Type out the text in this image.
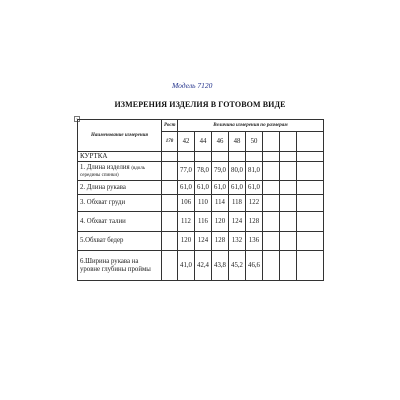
Модель 7120
ИЗМЕРЕНИЯ ИЗДЕЛИЯ В ГОТОВОМ ВИДЕ
+
Наименование измерения	Рост	Величина измерения по размерам							
	170	42	44	46	48	50			
КУРТКА									
1. Длина изделия (вдоль середины спинки)		77,0	78,0	79,0	80,0	81,0			
2. Длина рукава		61,0	61,0	61,0	61,0	61,0			
3. Обхват груди		106	110	114	118	122			
4. Обхват талии		112	116	120	124	128			
5.Обхват бедер		120	124	128	132	136			
6.Ширина рукава на уровне глубины проймы		41,0	42,4	43,8	45,2	46,6			
